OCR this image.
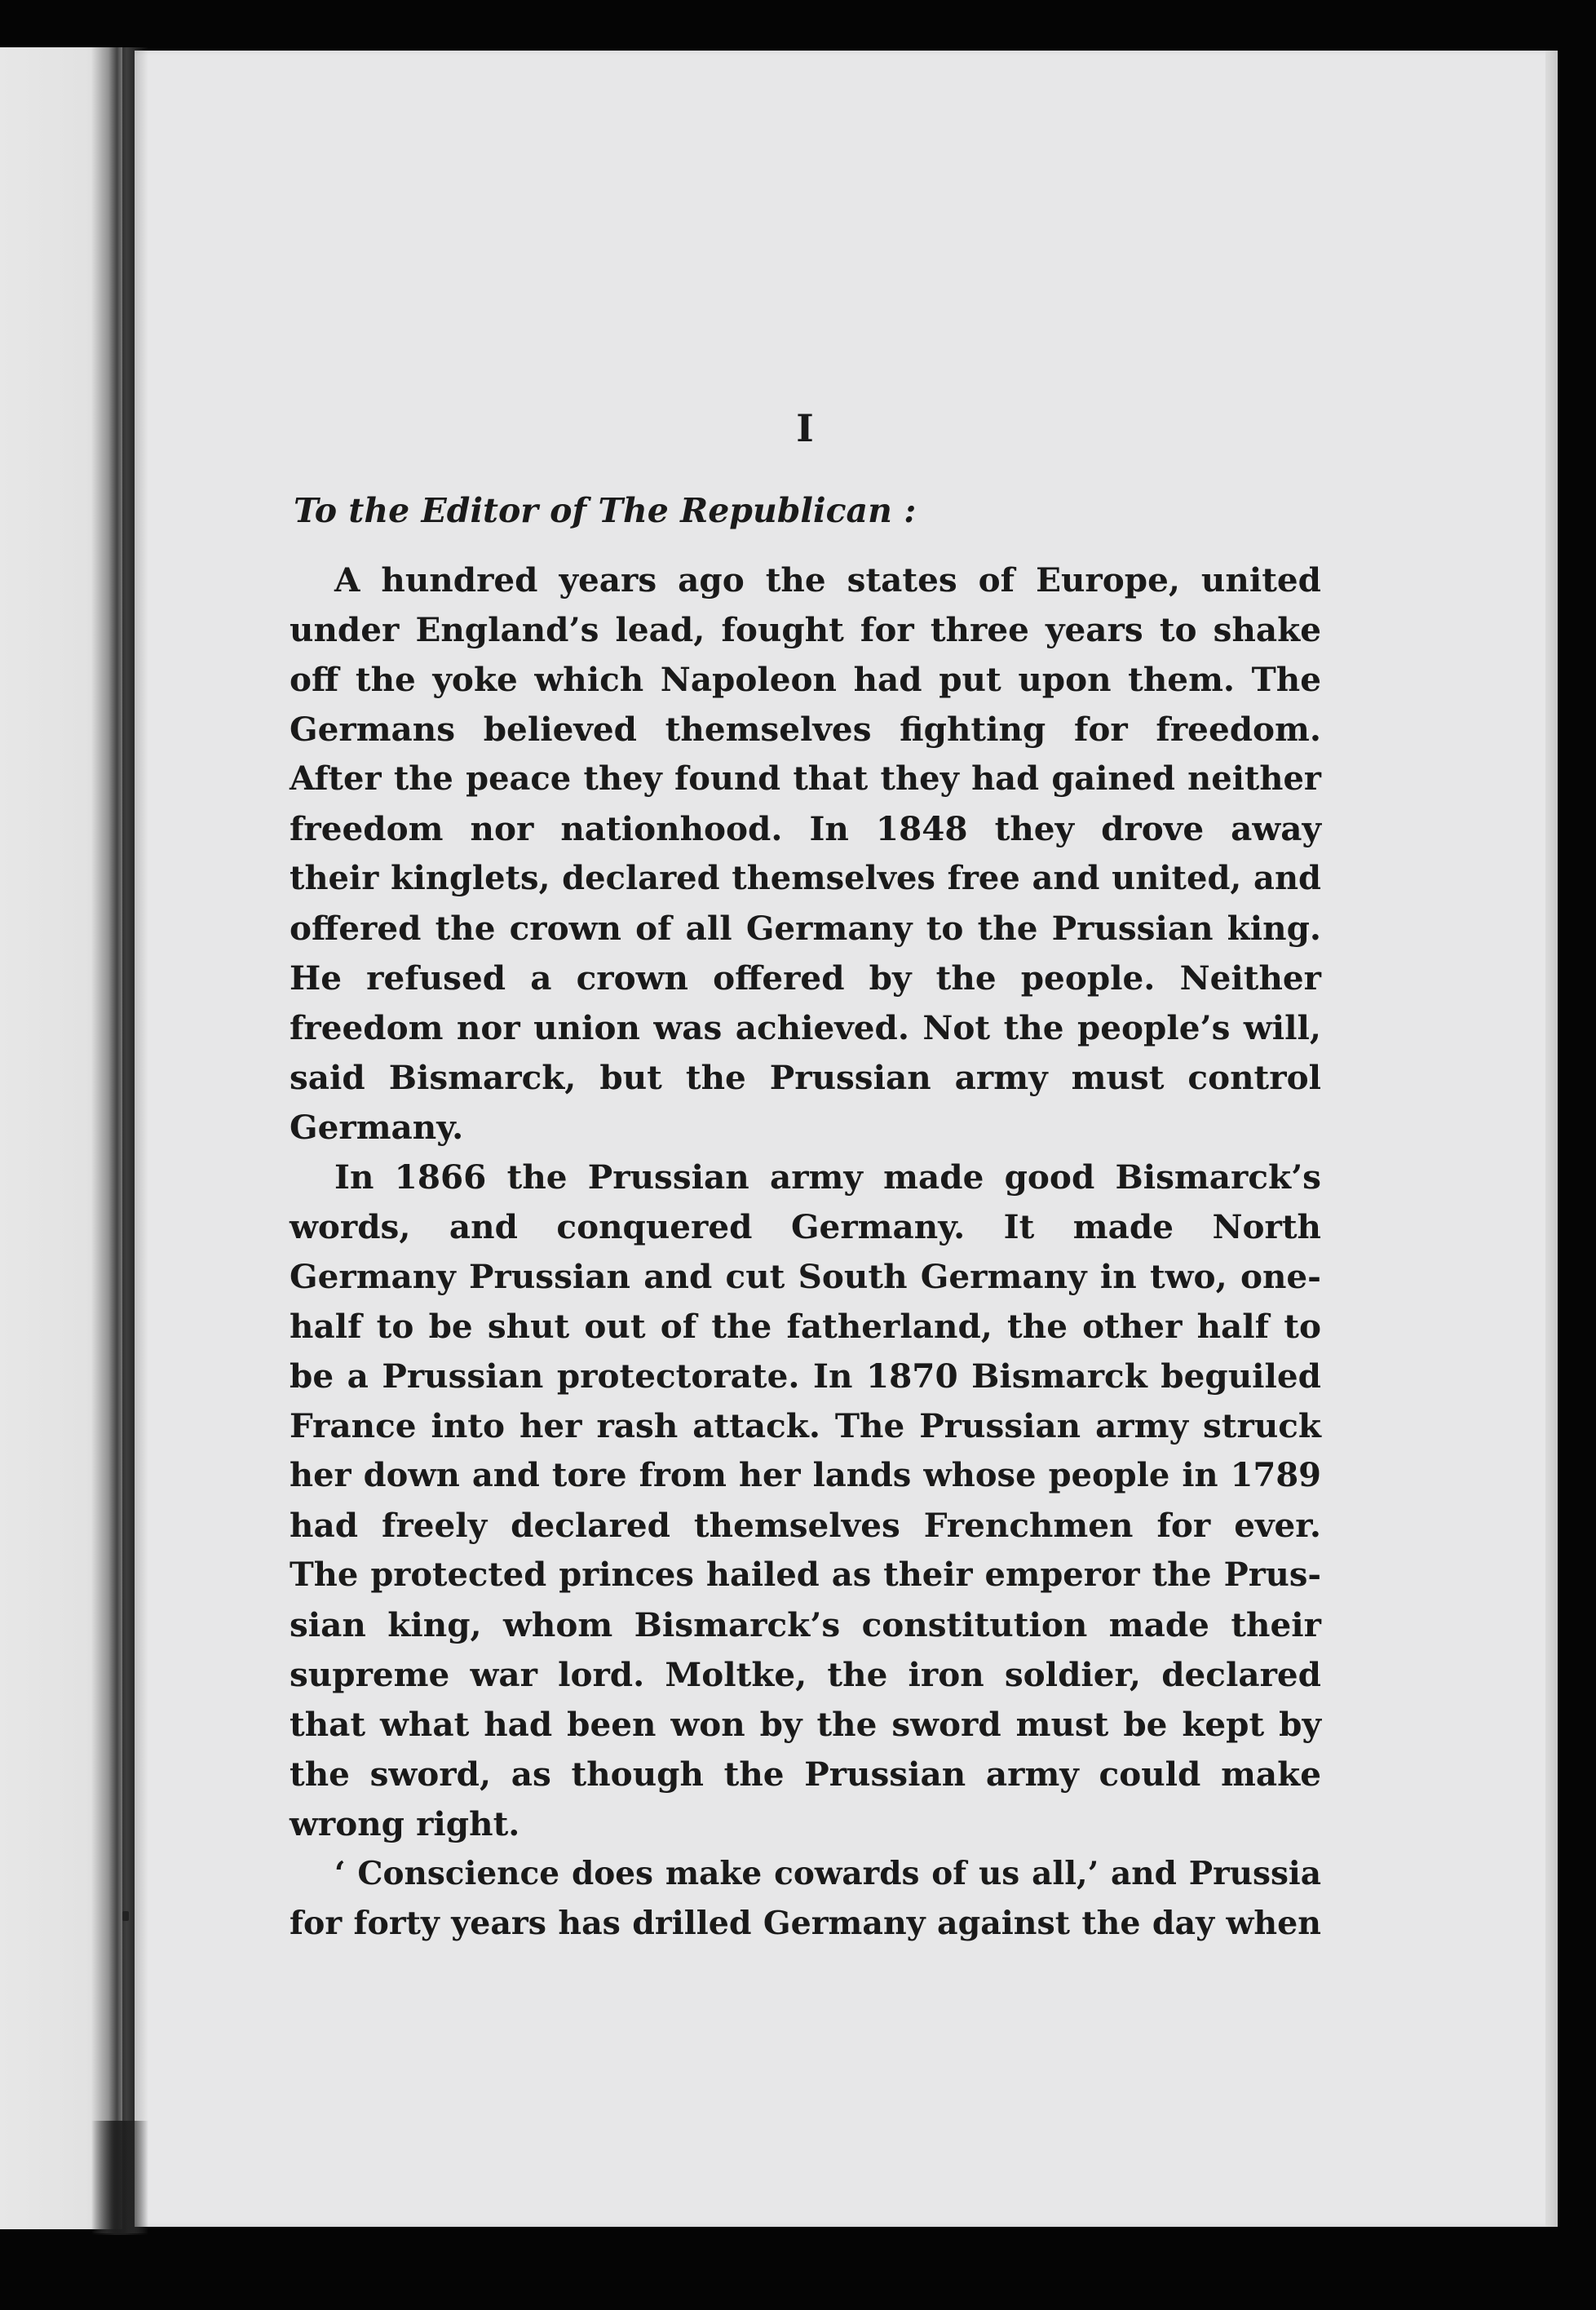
I
To the Editor of The Republican :
A hundred years ago the states of Europe, united
under England’s lead, fought for three years to shake
off the yoke which Napoleon had put upon them. The
Germans believed themselves fighting for freedom.
After the peace they found that they had gained neither
freedom nor nationhood. In 1848 they drove away
their kinglets, declared themselves free and united, and
offered the crown of all Germany to the Prussian king.
He refused a crown offered by the people. Neither
freedom nor union was achieved. Not the people’s will,
said Bismarck, but the Prussian army must control
Germany.
In 1866 the Prussian army made good Bismarck’s
words, and conquered Germany. It made North
Germany Prussian and cut South Germany in two, one-
half to be shut out of the fatherland, the other half to
be a Prussian protectorate. In 1870 Bismarck beguiled
France into her rash attack. The Prussian army struck
her down and tore from her lands whose people in 1789
had freely declared themselves Frenchmen for ever.
The protected princes hailed as their emperor the Prus-
sian king, whom Bismarck’s constitution made their
supreme war lord. Moltke, the iron soldier, declared
that what had been won by the sword must be kept by
the sword, as though the Prussian army could make
wrong right.
‘ Conscience does make cowards of us all,’ and Prussia
for forty years has drilled Germany against the day when
